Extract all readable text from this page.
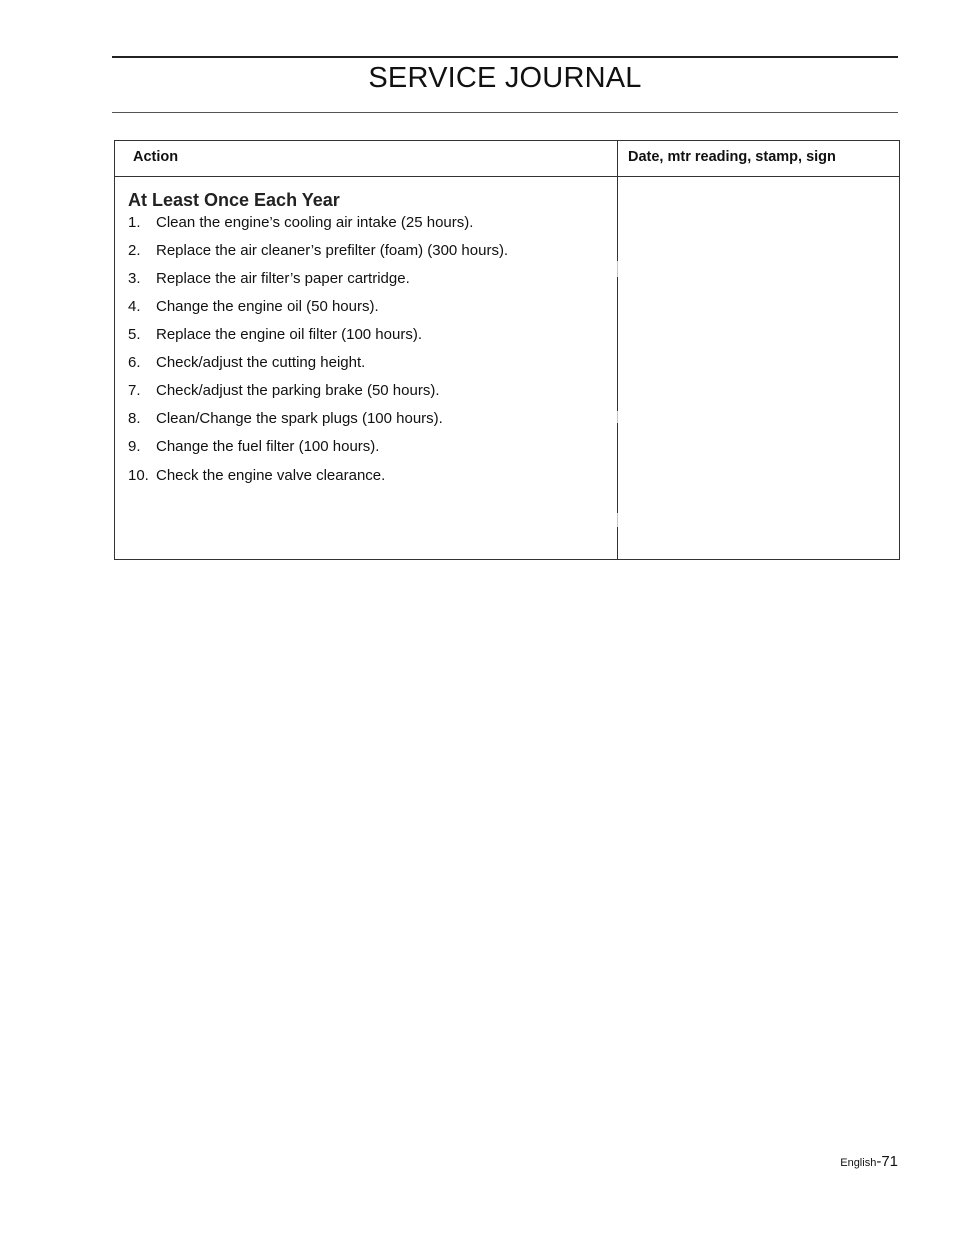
SERVICE JOURNAL
Action	Date, mtr reading, stamp, sign
At Least Once Each Year
1. Clean the engine’s cooling air intake (25 hours).
2. Replace the air cleaner’s prefilter (foam) (300 hours).
3. Replace the air filter’s paper cartridge.
4. Change the engine oil (50 hours).
5. Replace the engine oil filter (100 hours).
6. Check/adjust the cutting height.
7. Check/adjust the parking brake (50 hours).
8. Clean/Change the spark plugs (100 hours).
9. Change the fuel filter (100 hours).
10. Check the engine valve clearance.
English-71
